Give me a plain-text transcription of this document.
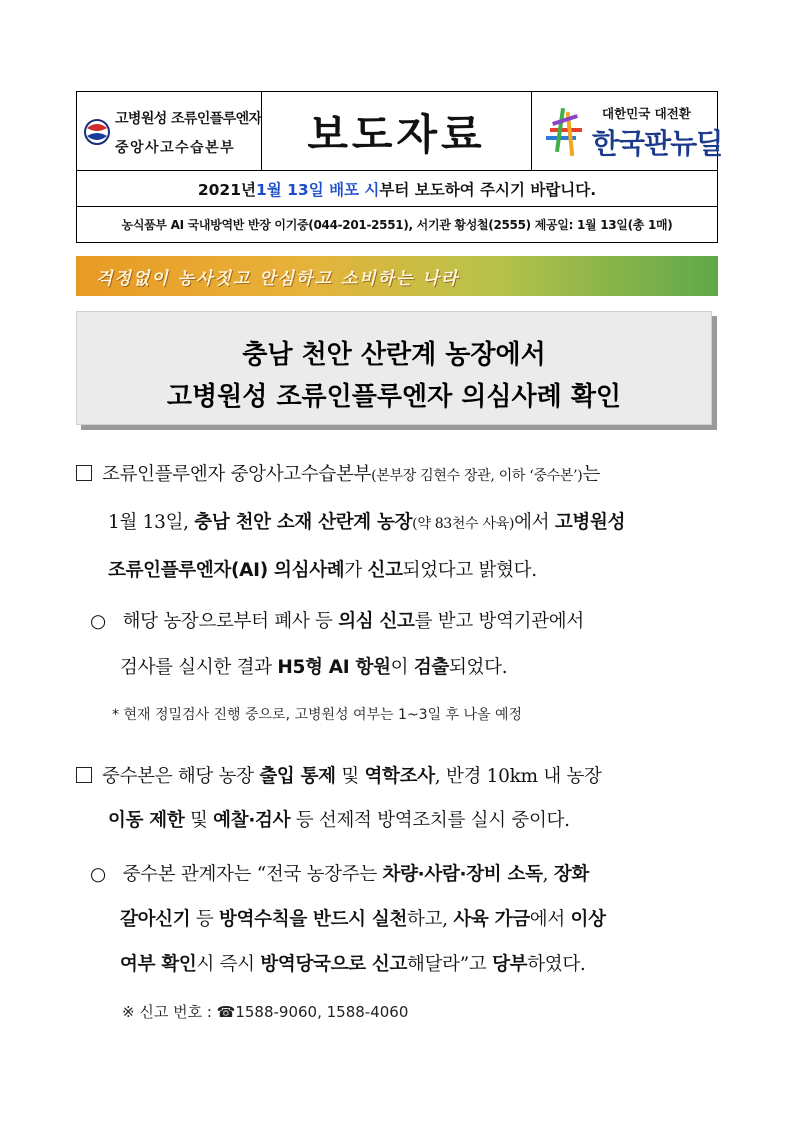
고병원성 조류인플루엔자
중앙사고수습본부 보도자료	대한민국 대전환
한국판뉴딜
2021년 1월 13일 배포 시 부터 보도하여 주시기 바랍니다.
농식품부 AI 국내방역반 반장 이기중(044-201-2551), 서기관 황성철(2555) 제공일: 1월 13일(총 1매)
걱정없이 농사짓고 안심하고 소비하는 나라
충남 천안 산란계 농장에서
고병원성 조류인플루엔자 의심사례 확인
조류인플루엔자 중앙사고수습본부(본부장 김현수 장관, 이하 ‘중수본’)는
1월 13일, 충남 천안 소재 산란계 농장(약 83천수 사육)에서 고병원성
조류인플루엔자(AI) 의심사례가 신고되었다고 밝혔다.
○ 해당 농장으로부터 폐사 등 의심 신고를 받고 방역기관에서
검사를 실시한 결과 H5형 AI 항원이 검출되었다.
* 현재 정밀검사 진행 중으로, 고병원성 여부는 1~3일 후 나올 예정
중수본은 해당 농장 출입 통제 및 역학조사, 반경 10km 내 농장
이동 제한 및 예찰·검사 등 선제적 방역조치를 실시 중이다.
○ 중수본 관계자는 “전국 농장주는 차량·사람·장비 소독, 장화
갈아신기 등 방역수칙을 반드시 실천하고, 사육 가금에서 이상
여부 확인시 즉시 방역당국으로 신고해달라”고 당부하였다.
※ 신고 번호 : ☎1588-9060, 1588-4060
